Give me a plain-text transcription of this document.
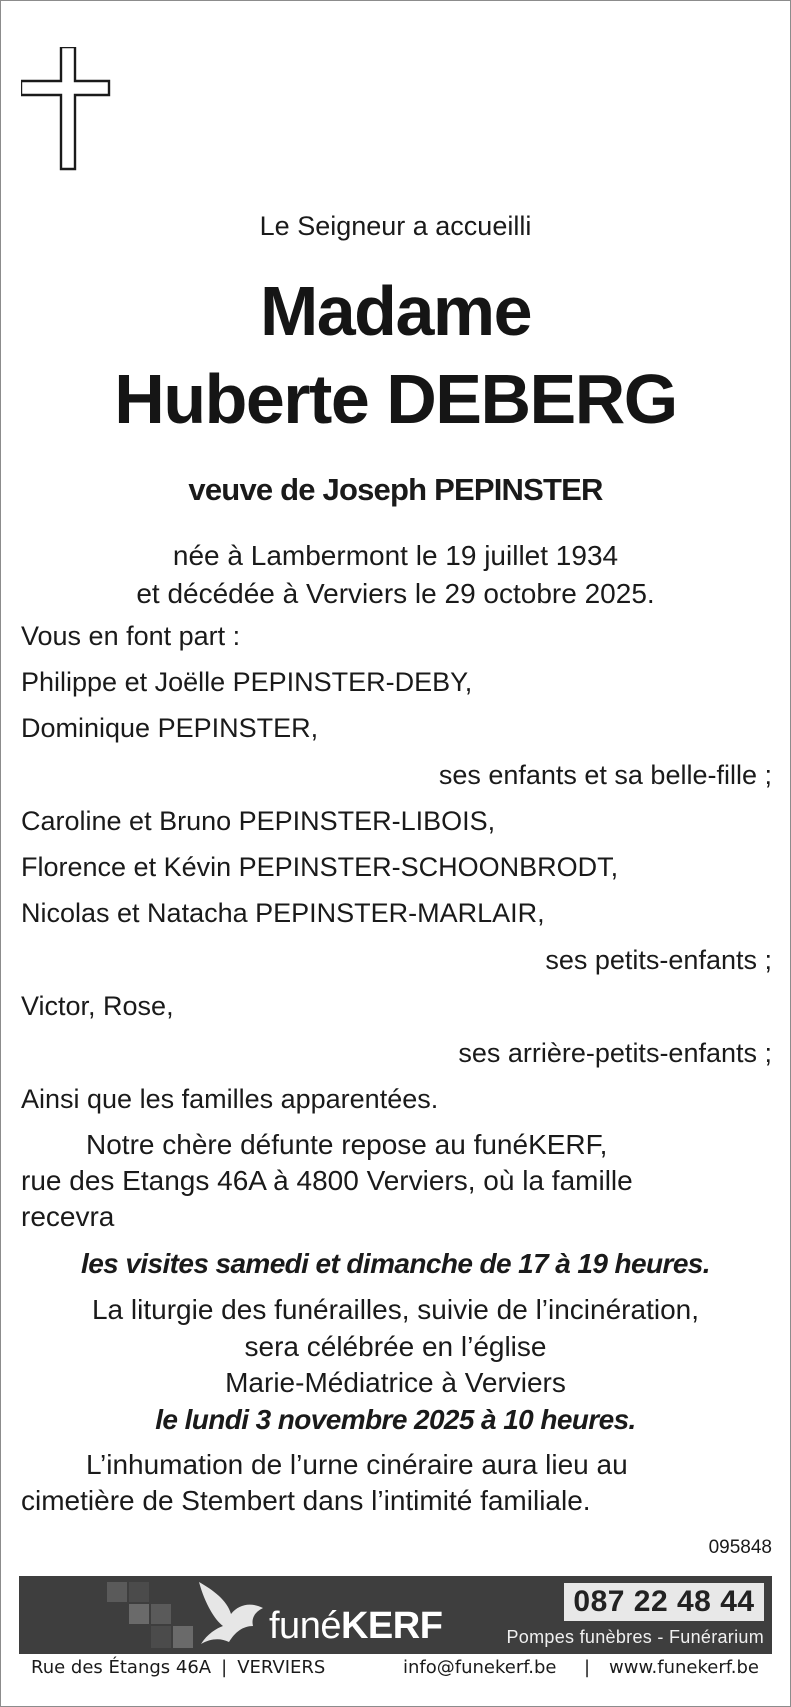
Le Seigneur a accueilli
Madame
Huberte DEBERG
veuve de Joseph PEPINSTER
née à Lambermont le 19 juillet 1934
et décédée à Verviers le 29 octobre 2025.
Vous en font part :
Philippe et Joëlle PEPINSTER-DEBY,
Dominique PEPINSTER,
ses enfants et sa belle-fille ;
Caroline et Bruno PEPINSTER-LIBOIS,
Florence et Kévin PEPINSTER-SCHOONBRODT,
Nicolas et Natacha PEPINSTER-MARLAIR,
ses petits-enfants ;
Victor, Rose,
ses arrière-petits-enfants ;
Ainsi que les familles apparentées.
Notre chère défunte repose au funéKERF,
rue des Etangs 46A à 4800 Verviers, où la famille
recevra
les visites samedi et dimanche de 17 à 19 heures.
La liturgie des funérailles, suivie de l’incinération,
sera célébrée en l’église
Marie-Médiatrice à Verviers
le lundi 3 novembre 2025 à 10 heures.
L’inhumation de l’urne cinéraire aura lieu au
cimetière de Stembert dans l’intimité familiale.
095848
funéKERF
087 22 48 44
Pompes funèbres - Funérarium
Rue des Étangs 46A | VERVIERS	info@funekerf.be | www.funekerf.be
